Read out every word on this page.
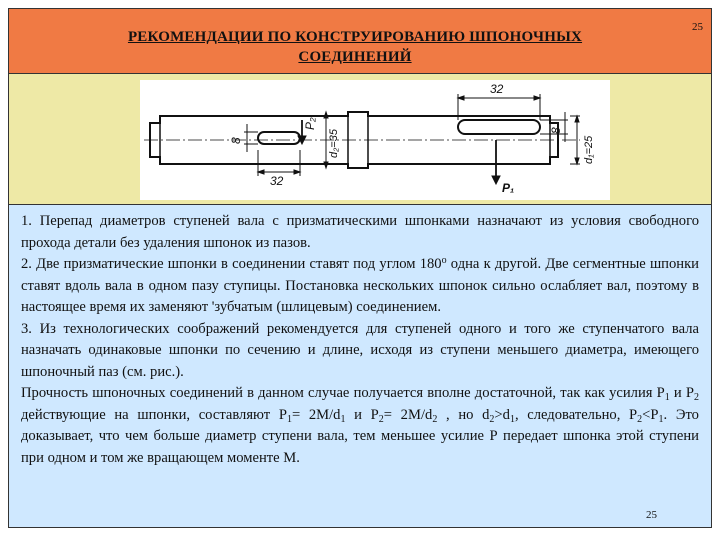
РЕКОМЕНДАЦИИ ПО КОНСТРУИРОВАНИЮ ШПОНОЧНЫХ
СОЕДИНЕНИЙ
25
32
32
8
8
d₂=35	d₁=25
P₂
P₁

1. Перепад диаметров ступеней вала с призматическими шпонками назначают из условия свободного прохода детали без удаления шпонок из пазов.

2. Две призматические шпонки в соединении ставят под углом $180^о$ одна к другой. Две сегментные шпонки ставят вдоль вала в одном пазу ступицы. Постановка нескольких шпонок сильно ослабляет вал, поэтому в настоящее время их заменяют 'зубчатым (шлицевым) соединением.

3. Из технологических соображений рекомендуется для ступеней одного и того же ступенчатого вала назначать одинаковые шпонки по сечению и длине, исходя из ступени меньшего диаметра, имеющего шпоночный паз (см. рис.).

Прочность шпоночных соединений в данном случае получается вполне достаточной, так как усилия $Р_1$ и $Р_2$ действующие на шпонки, составляют $Р_1= 2М/d_1$ и $Р_2= 2М/d_2$ , но $d_2>d_1$, следовательно, $Р_2<Р_1$. Это доказывает, что чем больше диаметр ступени вала, тем меньшее усилие Р передает шпонка этой ступени при одном и том же вращающем моменте М.

25
